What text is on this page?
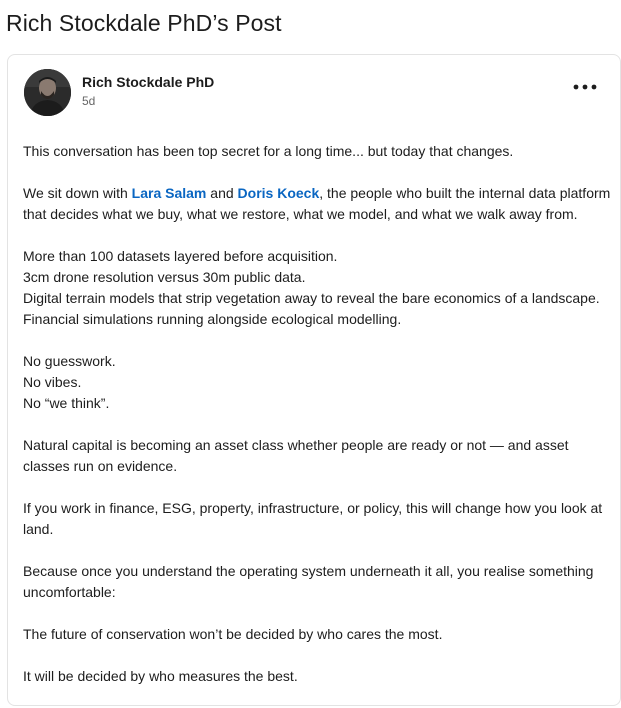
Rich Stockdale PhD’s Post
Rich Stockdale PhD
5d

This conversation has been top secret for a long time... but today that changes.

We sit down with Lara Salam and Doris Koeck, the people who built the internal data platform that decides what we buy, what we restore, what we model, and what we walk away from.

More than 100 datasets layered before acquisition.
3cm drone resolution versus 30m public data.
Digital terrain models that strip vegetation away to reveal the bare economics of a landscape.
Financial simulations running alongside ecological modelling.

No guesswork.
No vibes.
No “we think”.

Natural capital is becoming an asset class whether people are ready or not — and asset classes run on evidence.

If you work in finance, ESG, property, infrastructure, or policy, this will change how you look at land.

Because once you understand the operating system underneath it all, you realise something uncomfortable:

The future of conservation won’t be decided by who cares the most.

It will be decided by who measures the best.
